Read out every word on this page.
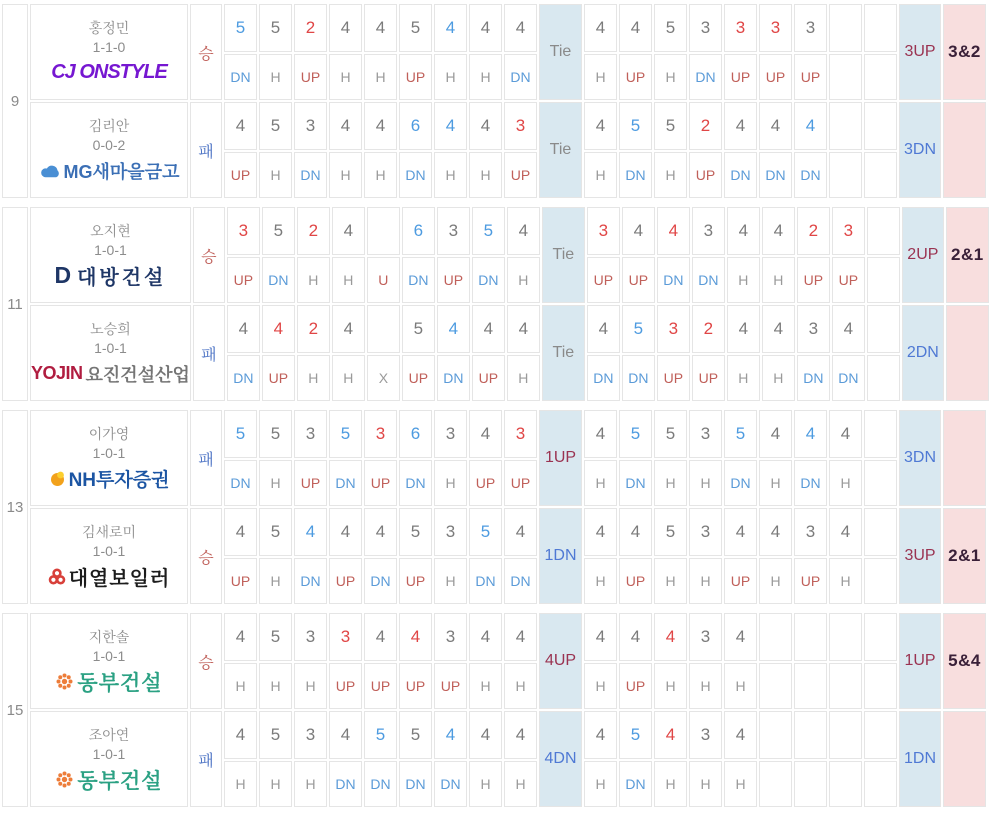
9	홍정민
1-1-0
CJ ONSTYLE	승	5	5	2	4	4	5	4	4	4	Tie	4	4	5	3	3	3	3			3UP	3&2
			DN	H	UP	H	H	UP	H	H	DN		H	UP	H	DN	UP	UP	UP				

	김리안
0-0-2
MG새마을금고	패	4	5	3	4	4	6	4	4	3	Tie	4	5	5	2	4	4	4			3DN	
			UP	H	DN	H	H	DN	H	H	UP		H	DN	H	UP	DN	DN	DN				
11	오지현
1-0-1
D 대방건설	승	3	5	2	4		6	3	5	4	Tie	3	4	4	3	4	4	2	3		2UP	2&1
			UP	DN	H	H	U	DN	UP	DN	H		UP	UP	DN	DN	H	H	UP	UP			

	노승희
1-0-1
YOJIN 요진건설산업	패	4	4	2	4		5	4	4	4	Tie	4	5	3	2	4	4	3	4		2DN	
			DN	UP	H	H	X	UP	DN	UP	H		DN	DN	UP	UP	H	H	DN	DN			
13	이가영
1-0-1
NH투자증권	패	5	5	3	5	3	6	3	4	3	1UP	4	5	5	3	5	4	4	4		3DN	
			DN	H	UP	DN	UP	DN	H	UP	UP		H	DN	H	H	DN	H	DN	H			

	김새로미
1-0-1
대열보일러	승	4	5	4	4	4	5	3	5	4	1DN	4	4	5	3	4	4	3	4		3UP	2&1
			UP	H	DN	UP	DN	UP	H	DN	DN		H	UP	H	H	UP	H	UP	H			
15	지한솔
1-0-1
동부건설	승	4	5	3	3	4	4	3	4	4	4UP	4	4	4	3	4					1UP	5&4
			H	H	H	UP	UP	UP	UP	H	H		H	UP	H	H	H						

	조아연
1-0-1
동부건설	패	4	5	3	4	5	5	4	4	4	4DN	4	5	4	3	4					1DN	
			H	H	H	DN	DN	DN	DN	H	H		H	DN	H	H	H						
